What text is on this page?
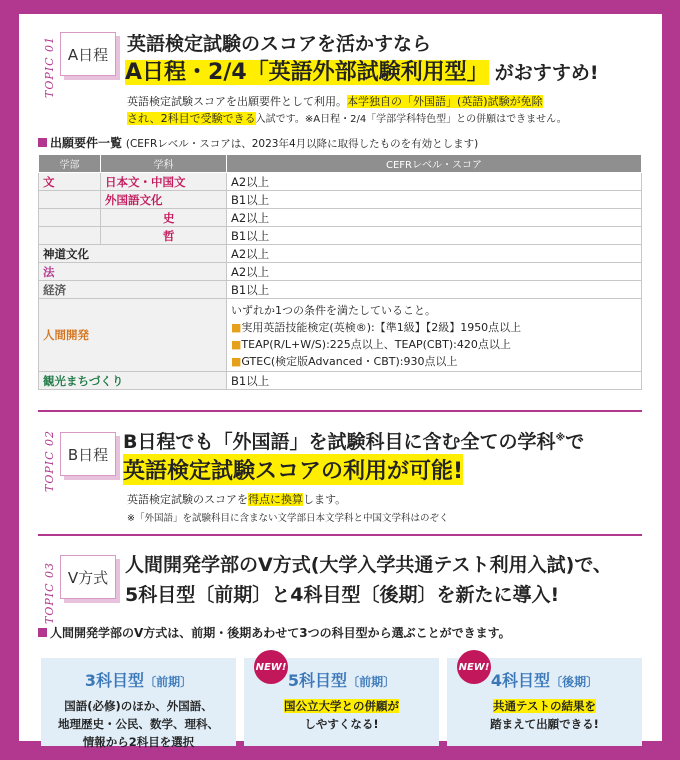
TOPIC 01 A日程 英語検定試験のスコアを活かすなら

A日程・2/4「英語外部試験利用型」 がおすすめ!

英語検定試験スコアを出願要件として利用。本学独自の「外国語」(英語)試験が免除

され、2科目で受験できる入試です。※A日程・2/4「学部学科特色型」との併願はできません。

出願要件一覧 (CEFRレベル・スコアは、2023年4月以降に取得したものを有効とします)

学部	学科	CEFRレベル・スコア
文	日本文・中国文	A2以上
	外国語文化	B1以上
	史	A2以上
	哲	B1以上
神道文化		A2以上
法		A2以上
経済		B1以上
人間開発		いずれか1つの条件を満たしていること。
■実用英語技能検定(英検®):【準1級】【2級】1950点以上
■TEAP(R/L+W/S):225点以上、TEAP(CBT):420点以上
■GTEC(検定版Advanced・CBT):930点以上

観光まちづくり		B1以上
TOPIC 02 B日程

B日程でも「外国語」を試験科目に含む全ての学科※で

英語検定試験スコアの利用が可能!

英語検定試験のスコアを得点に換算します。

※「外国語」を試験科目に含まない文学部日本文学科と中国文学科はのぞく

TOPIC 03 V方式

人間開発学部のV方式(大学入学共通テスト利用入試)で、

5科目型〔前期〕と4科目型〔後期〕を新たに導入!

人間開発学部のV方式は、前期・後期あわせて3つの科目型から選ぶことができます。

3科目型〔前期〕
国語(必修)のほか、外国語、
地理歴史・公民、数学、理科、
情報から2科目を選択
NEW!
5科目型〔前期〕
国公立大学との併願が
しやすくなる!
NEW!
4科目型〔後期〕
共通テストの結果を
踏まえて出願できる!
